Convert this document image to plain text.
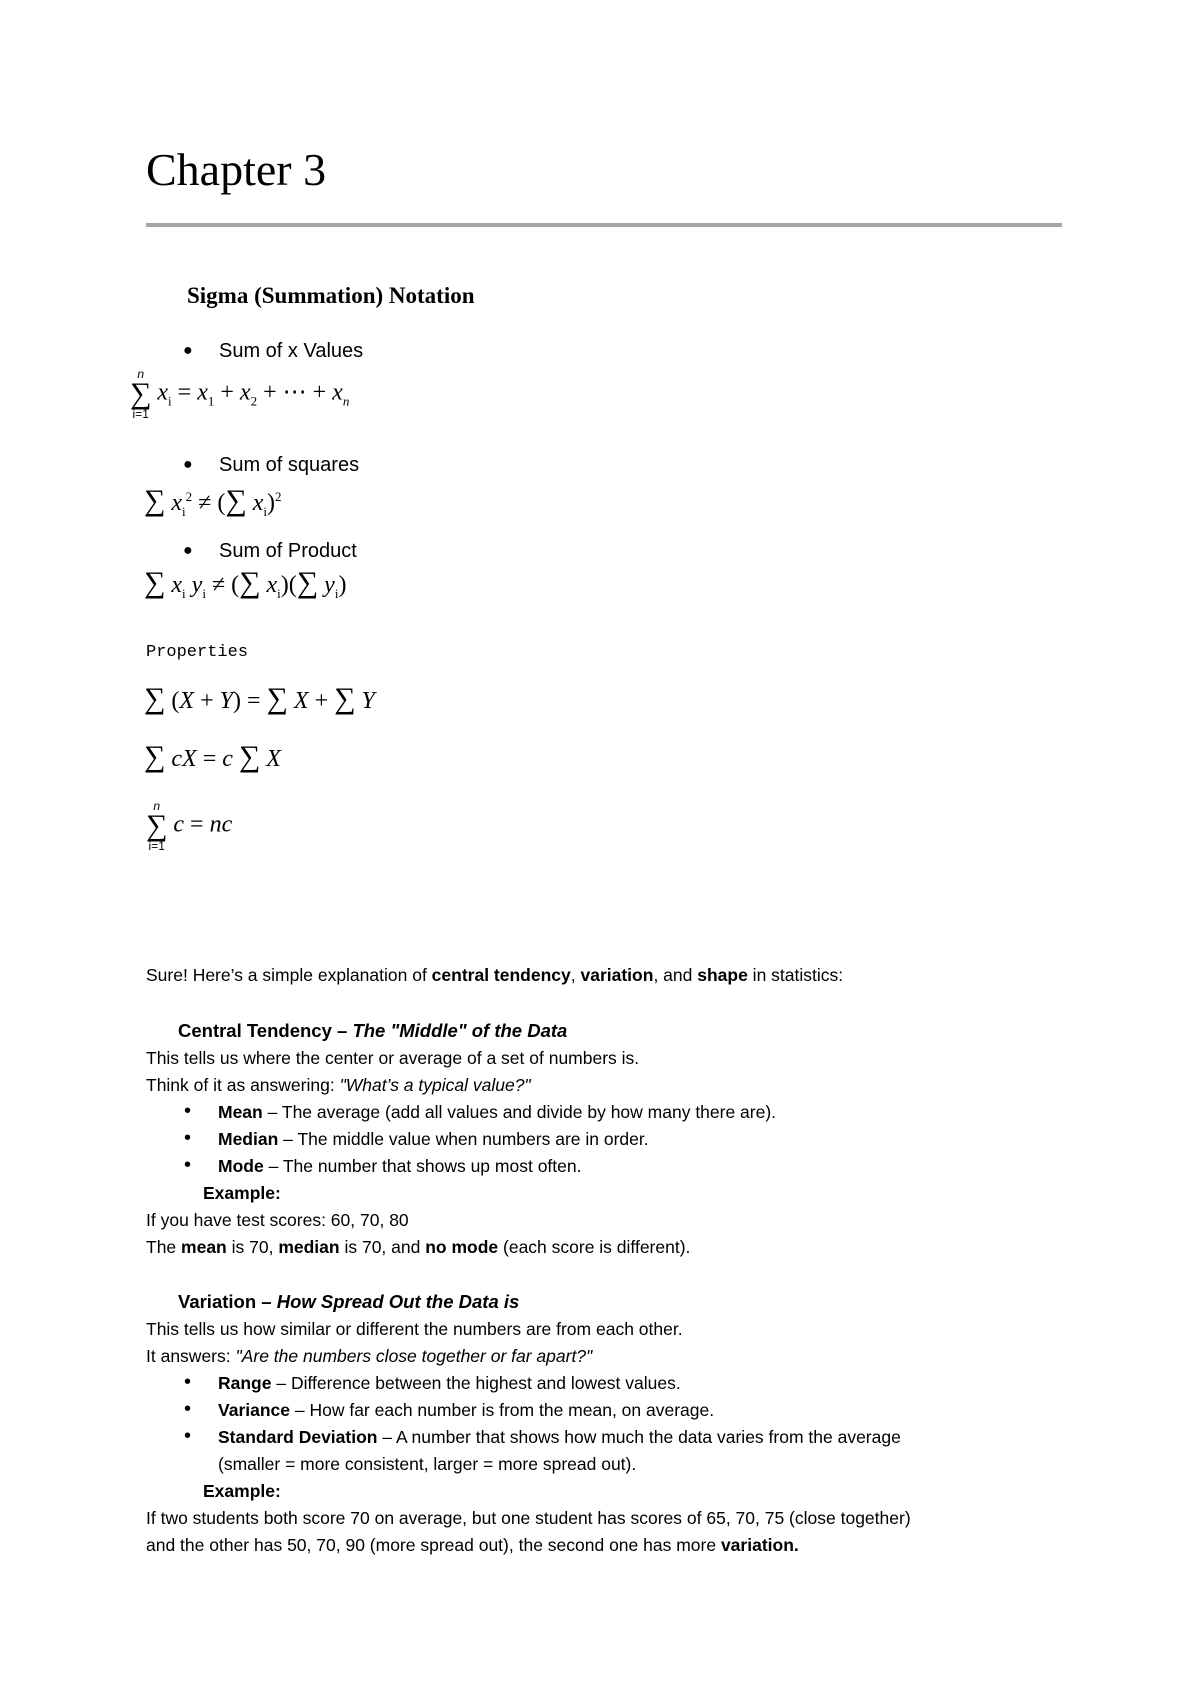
Chapter 3
Sigma (Summation) Notation
● Sum of x Values
n
∑
i=1
$x_i = x_1 + x_2$ + ⋯ + $x_n$
● Sum of squares
∑ $x_i^2$ ≠ (∑ $x_i)^2$
● Sum of Product
∑ $x_i$ $y_i$ ≠ (∑ $x_i)(\sum$ $y_i$)
Properties
∑ (X + Y) = ∑ X + ∑ Y
∑ cX = c ∑ X
n
∑
i=1
c = nc

Sure! Here’s a simple explanation of central tendency, variation, and shape in statistics:

Central Tendency – The "Middle" of the Data

This tells us where the center or average of a set of numbers is.

Think of it as answering: "What’s a typical value?"

• Mean – The average (add all values and divide by how many there are).
• Median – The middle value when numbers are in order.
• Mode – The number that shows up most often.
Example:

If you have test scores: 60, 70, 80

The mean is 70, median is 70, and no mode (each score is different).

Variation – How Spread Out the Data is

This tells us how similar or different the numbers are from each other.

It answers: "Are the numbers close together or far apart?"

• Range – Difference between the highest and lowest values.
• Variance – How far each number is from the mean, on average.
• Standard Deviation – A number that shows how much the data varies from the average
(smaller = more consistent, larger = more spread out).
Example:

If two students both score 70 on average, but one student has scores of 65, 70, 75 (close together)

and the other has 50, 70, 90 (more spread out), the second one has more variation.
